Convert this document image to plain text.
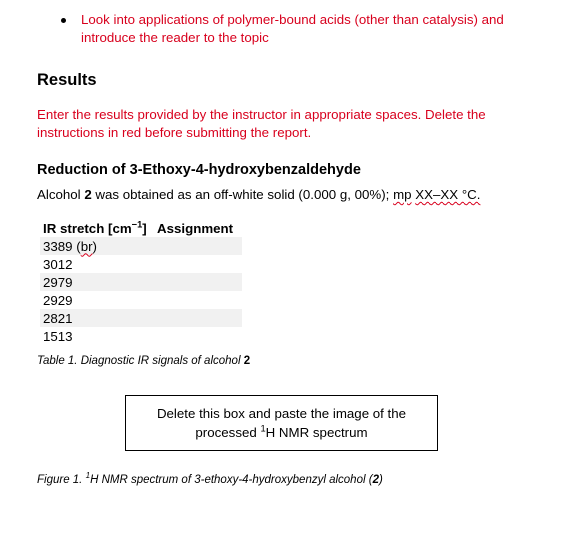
Look into applications of polymer-bound acids (other than catalysis) and introduce the reader to the topic

Results

Enter the results provided by the instructor in appropriate spaces. Delete the instructions in red before submitting the report.

Reduction of 3-Ethoxy-4-hydroxybenzaldehyde

Alcohol 2 was obtained as an off-white solid (0.000 g, 00%); mp XX–XX °C.

IR stretch $[cm^{-1}]$	Assignment
3389 (br)	
3012	
2979	
2929	
2821	
1513	

Table 1. Diagnostic IR signals of alcohol 2

Delete this box and paste the image of the
processed $^1$H NMR spectrum

Figure 1. $^1$H NMR spectrum of 3-ethoxy-4-hydroxybenzyl alcohol (2)
